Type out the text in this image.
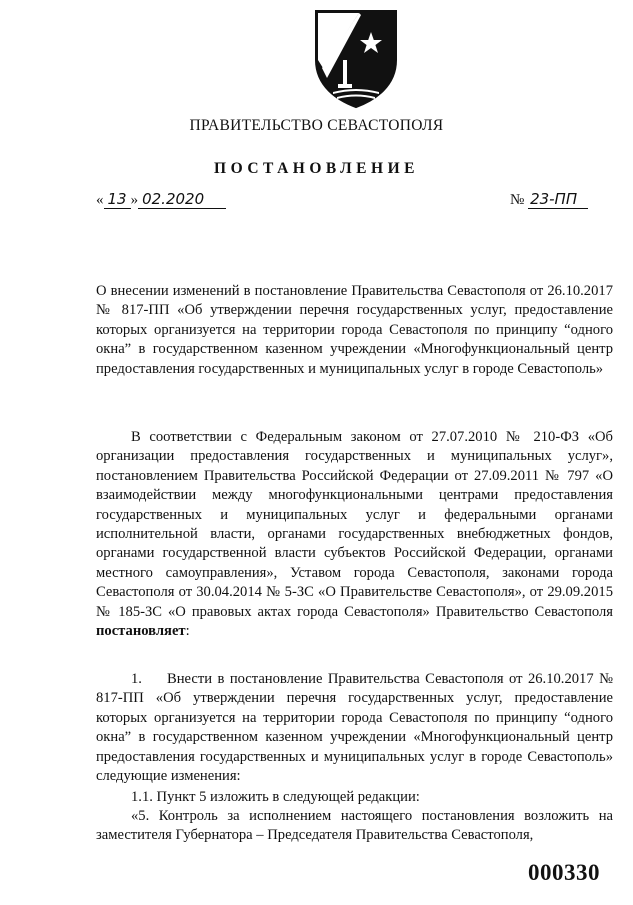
ПРАВИТЕЛЬСТВО СЕВАСТОПОЛЯ
ПОСТАНОВЛЕНИЕ
« 13 » 02.2020	№ 23-ПП

О внесении изменений в постановление Правительства Севастополя от 26.10.2017 № 817-ПП «Об утверждении перечня государственных услуг, предоставление которых организуется на территории города Севастополя по принципу “одного окна” в государственном казенном учреждении «Многофункциональный центр предоставления государственных и муниципальных услуг в городе Севастополь»

В соответствии с Федеральным законом от 27.07.2010 № 210-ФЗ «Об организации предоставления государственных и муниципальных услуг», постановлением Правительства Российской Федерации от 27.09.2011 № 797 «О взаимодействии между многофункциональными центрами предоставления государственных и муниципальных услуг и федеральными органами исполнительной власти, органами государственных внебюджетных фондов, органами государственной власти субъектов Российской Федерации, органами местного самоуправления», Уставом города Севастополя, законами города Севастополя от 30.04.2014 № 5-ЗС «О Правительстве Севастополя», от 29.09.2015 № 185-ЗС «О правовых актах города Севастополя» Правительство Севастополя постановляет:

1. Внести в постановление Правительства Севастополя от 26.10.2017 № 817-ПП «Об утверждении перечня государственных услуг, предоставление которых организуется на территории города Севастополя по принципу “одного окна” в государственном казенном учреждении «Многофункциональный центр предоставления государственных и муниципальных услуг в городе Севастополь» следующие изменения:

1.1. Пункт 5 изложить в следующей редакции:

«5. Контроль за исполнением настоящего постановления возложить на заместителя Губернатора – Председателя Правительства Севастополя,

000330
